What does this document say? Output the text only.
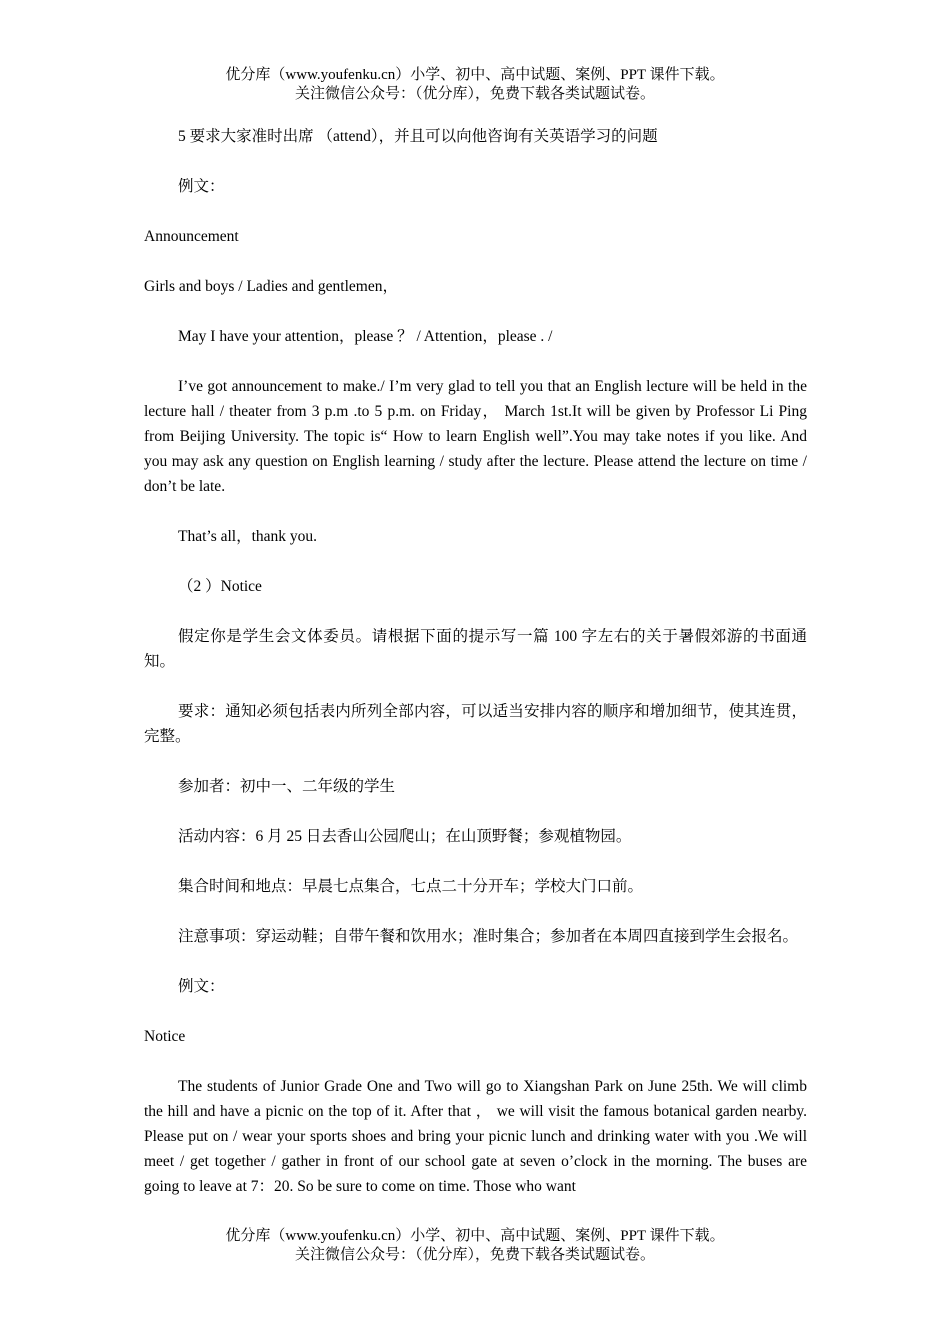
优分库（www.youfenku.cn）小学、初中、高中试题、案例、PPT 课件下载。
关注微信公众号：（优分库），免费下载各类试题试卷。

5 要求大家准时出席 （attend），并且可以向他咨询有关英语学习的问题

例文：

Announcement

Girls and boys / Ladies and gentlemen，

May I have your attention，please ？ / Attention，please . /

I’ve got announcement to make./ I’m very glad to tell you that an English lecture will be held in the lecture hall / theater from 3 p.m .to 5 p.m. on Friday， March 1st.It will be given by Professor Li Ping from Beijing University. The topic is“ How to learn English well”.You may take notes if you like. And you may ask any question on English learning / study after the lecture. Please attend the lecture on time / don’t be late.

That’s all，thank you.

（2 ）Notice

假定你是学生会文体委员。请根据下面的提示写一篇 100 字左右的关于暑假郊游的书面通知。

要求：通知必须包括表内所列全部内容，可以适当安排内容的顺序和增加细节，使其连贯，完整。

参加者：初中一、二年级的学生

活动内容：6 月 25 日去香山公园爬山；在山顶野餐；参观植物园。

集合时间和地点：早晨七点集合，七点二十分开车；学校大门口前。

注意事项：穿运动鞋；自带午餐和饮用水；准时集合；参加者在本周四直接到学生会报名。

例文：

Notice

The students of Junior Grade One and Two will go to Xiangshan Park on June 25th. We will climb the hill and have a picnic on the top of it. After that ， we will visit the famous botanical garden nearby. Please put on / wear your sports shoes and bring your picnic lunch and drinking water with you .We will meet / get together / gather in front of our school gate at seven o’clock in the morning. The buses are going to leave at 7：20. So be sure to come on time. Those who want

优分库（www.youfenku.cn）小学、初中、高中试题、案例、PPT 课件下载。
关注微信公众号：（优分库），免费下载各类试题试卷。
